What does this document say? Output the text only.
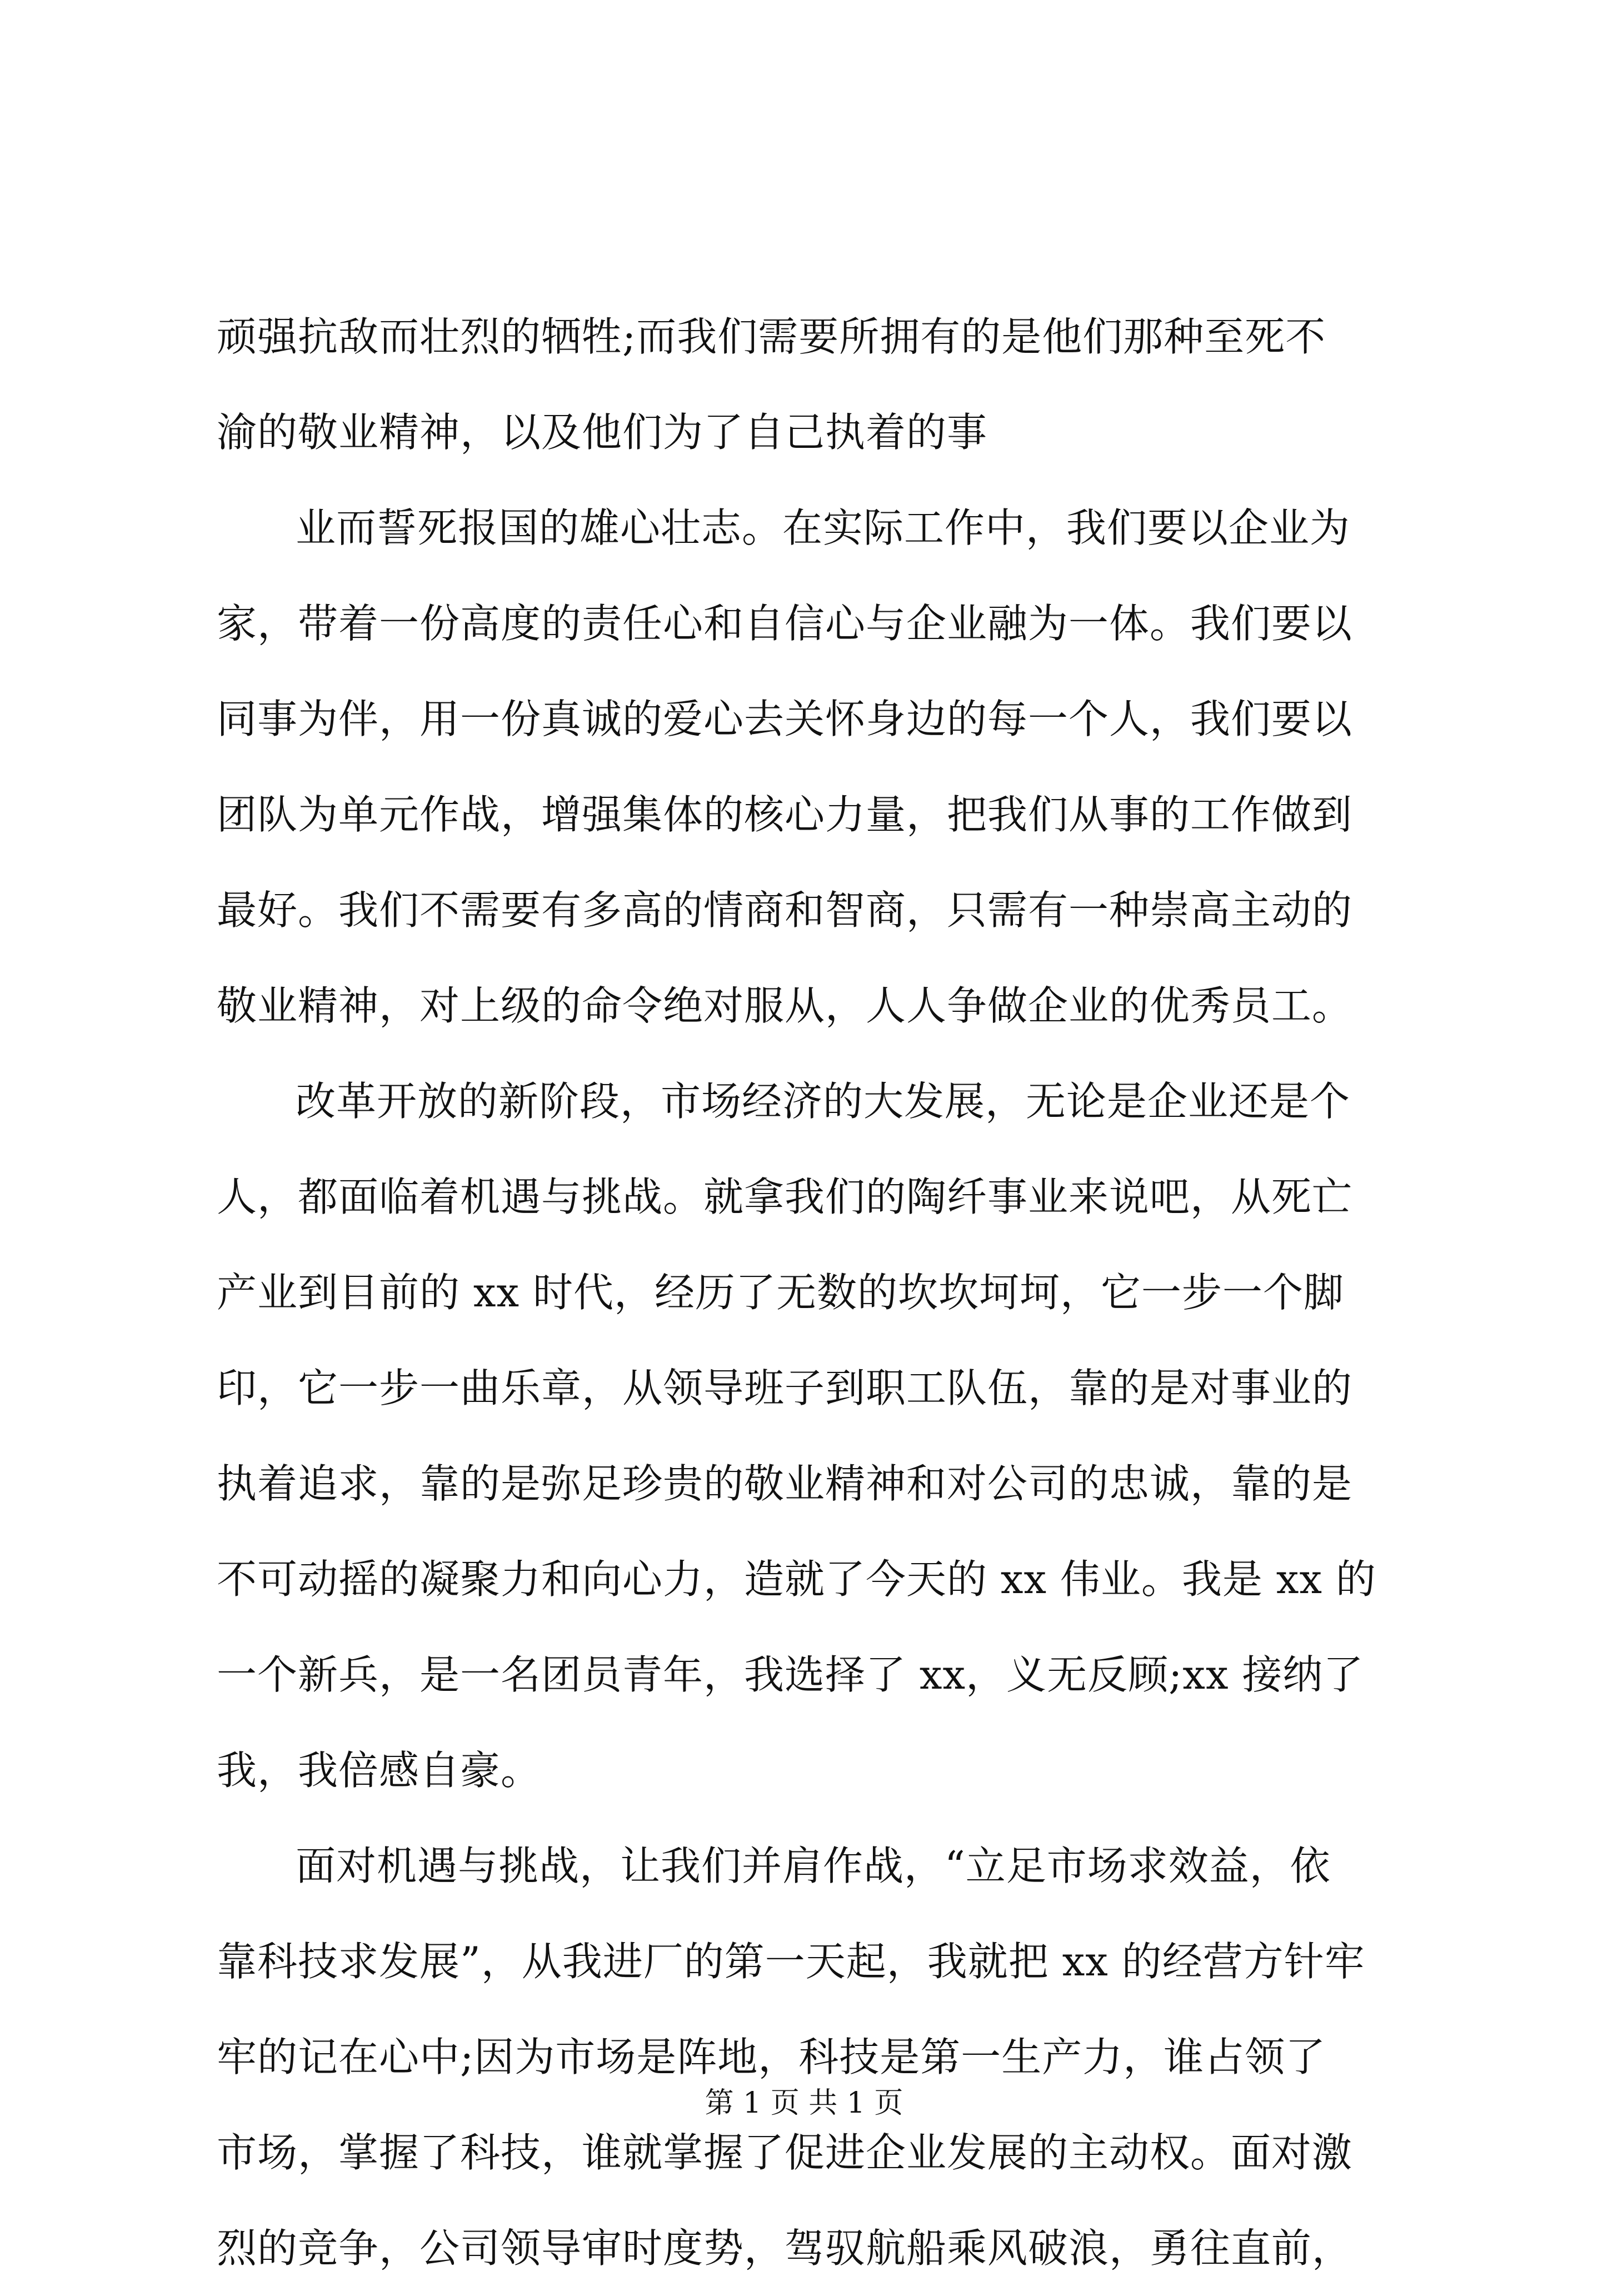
顽强抗敌而壮烈的牺牲;而我们需要所拥有的是他们那种至死不
渝的敬业精神，以及他们为了自己执着的事
业而誓死报国的雄心壮志。在实际工作中，我们要以企业为
家，带着一份高度的责任心和自信心与企业融为一体。我们要以
同事为伴，用一份真诚的爱心去关怀身边的每一个人，我们要以
团队为单元作战，增强集体的核心力量，把我们从事的工作做到
最好。我们不需要有多高的情商和智商，只需有一种崇高主动的
敬业精神，对上级的命令绝对服从，人人争做企业的优秀员工。
改革开放的新阶段，市场经济的大发展，无论是企业还是个
人，都面临着机遇与挑战。就拿我们的陶纤事业来说吧，从死亡
产业到目前的 xx 时代，经历了无数的坎坎坷坷，它一步一个脚
印，它一步一曲乐章，从领导班子到职工队伍，靠的是对事业的
执着追求，靠的是弥足珍贵的敬业精神和对公司的忠诚，靠的是
不可动摇的凝聚力和向心力，造就了今天的 xx 伟业。我是 xx 的
一个新兵，是一名团员青年，我选择了 xx，义无反顾;xx 接纳了
我，我倍感自豪。
面对机遇与挑战，让我们并肩作战，“立足市场求效益，依
靠科技求发展”，从我进厂的第一天起，我就把 xx 的经营方针牢
牢的记在心中;因为市场是阵地，科技是第一生产力，谁占领了
市场，掌握了科技，谁就掌握了促进企业发展的主动权。面对激
烈的竞争，公司领导审时度势，驾驭航船乘风破浪，勇往直前，
第 1 页 共 1 页
